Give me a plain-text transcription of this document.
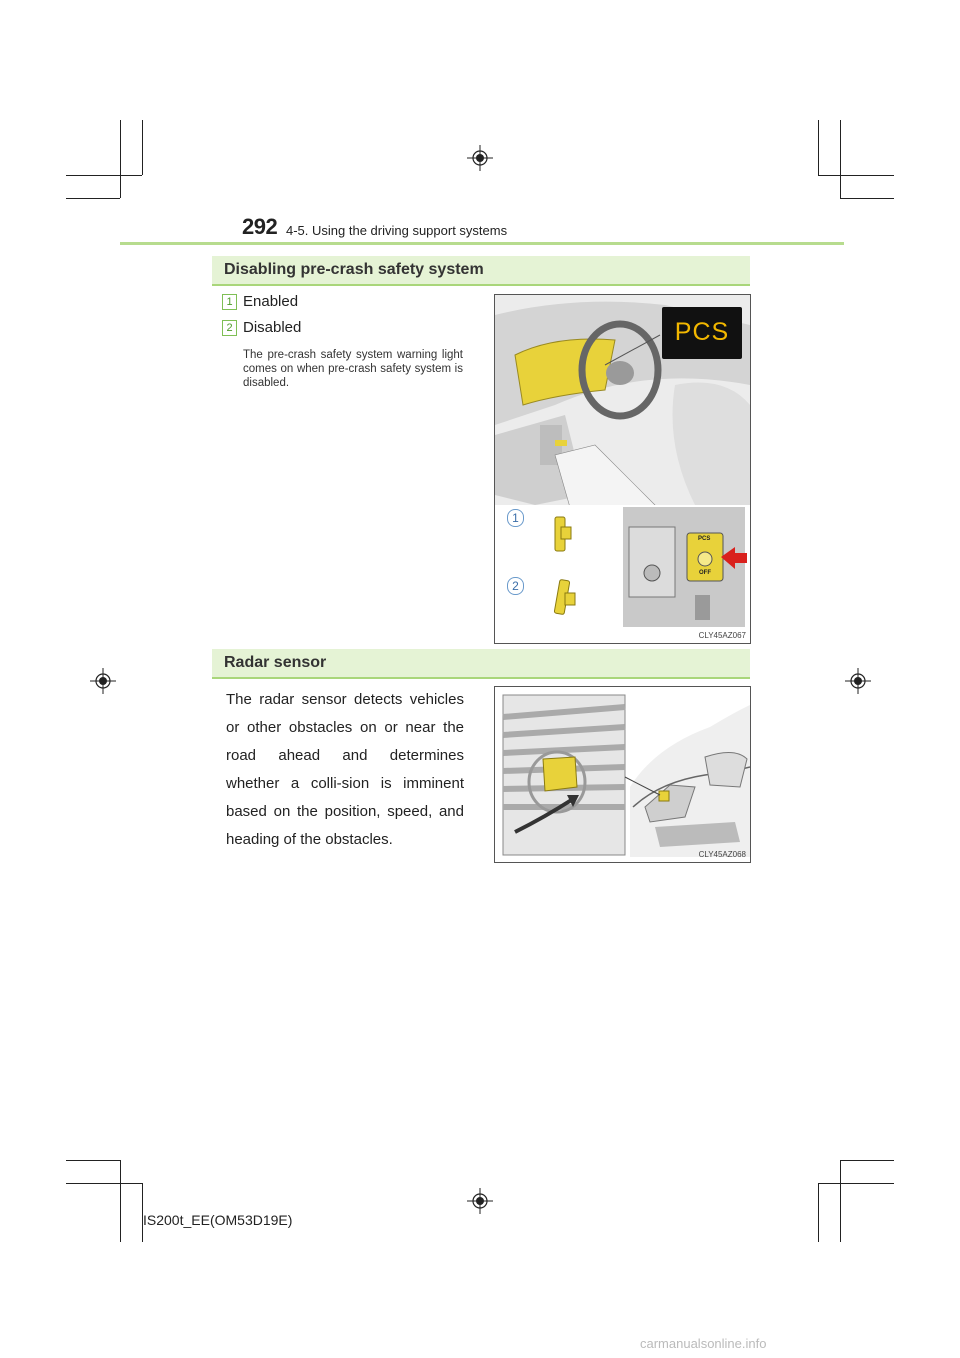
292 4-5. Using the driving support systems
Disabling pre-crash safety system
1 Enabled
2 Disabled
The pre-crash safety system warning light comes on when pre-crash safety system is disabled.
PCS
PCS
OFF
1
2
CLY45AZ067
Radar sensor
The radar sensor detects vehicles or other obstacles on or near the road ahead and determines whether a colli-sion is imminent based on the position, speed, and heading of the obstacles.
CLY45AZ068
IS200t_EE(OM53D19E)
carmanualsonline.info
